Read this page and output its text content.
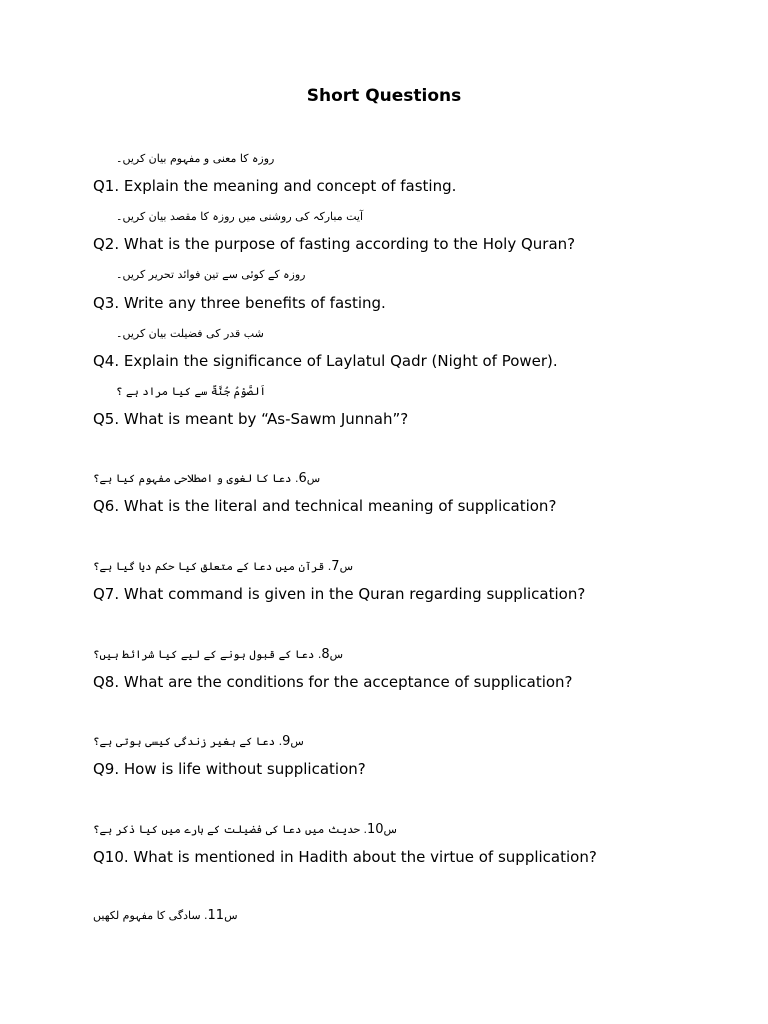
Short Questions
روزہ کا معنی و مفہوم بیان کریں۔
Q1. Explain the meaning and concept of fasting.
آیت مبارکہ کی روشنی میں روزہ کا مقصد بیان کریں۔
Q2. What is the purpose of fasting according to the Holy Quran?
روزہ کے کوئی سے تین فوائد تحریر کریں۔
Q3. Write any three benefits of fasting.
شب قدر کی فضیلت بیان کریں۔
Q4. Explain the significance of Laylatul Qadr (Night of Power).
اَلصَّوْمُ جُنَّةٌ سے کیا مراد ہے ؟
Q5. What is meant by “As-Sawm Junnah”?
س6. دعا کا لغوی و اصطلاحی مفہوم کیا ہے؟
Q6. What is the literal and technical meaning of supplication?
س7. قرآن میں دعا کے متعلق کیا حکم دیا گیا ہے؟
Q7. What command is given in the Quran regarding supplication?
س8. دعا کے قبول ہونے کے لیے کیا شرائط ہیں؟
Q8. What are the conditions for the acceptance of supplication?
س9. دعا کے بغیر زندگی کیسی ہوتی ہے؟
Q9. How is life without supplication?
س10. حدیث میں دعا کی فضیلت کے بارے میں کیا ذکر ہے؟
Q10. What is mentioned in Hadith about the virtue of supplication?
س11. سادگی کا مفہوم لکھیں
